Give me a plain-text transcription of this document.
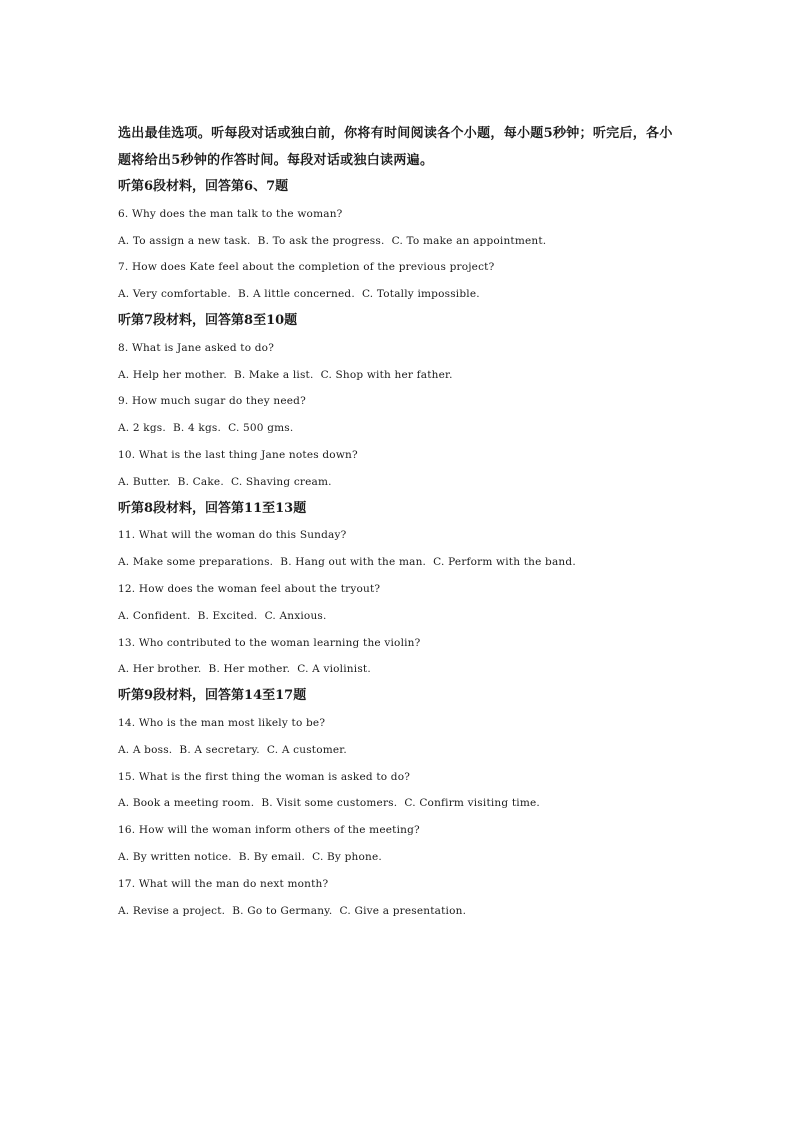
选出最佳选项。听每段对话或独白前，你将有时间阅读各个小题，每小题5秒钟；听完后，各小题将给出5秒钟的作答时间。每段对话或独白读两遍。

听第6段材料，回答第6、7题

6. Why does the man talk to the woman?

A. To assign a new task. B. To ask the progress. C. To make an appointment.

7. How does Kate feel about the completion of the previous project?

A. Very comfortable. B. A little concerned. C. Totally impossible.

听第7段材料，回答第8至10题

8. What is Jane asked to do?

A. Help her mother. B. Make a list. C. Shop with her father.

9. How much sugar do they need?

A. 2 kgs. B. 4 kgs. C. 500 gms.

10. What is the last thing Jane notes down?

A. Butter. B. Cake. C. Shaving cream.

听第8段材料，回答第11至13题

11. What will the woman do this Sunday?

A. Make some preparations. B. Hang out with the man. C. Perform with the band.

12. How does the woman feel about the tryout?

A. Confident. B. Excited. C. Anxious.

13. Who contributed to the woman learning the violin?

A. Her brother. B. Her mother. C. A violinist.

听第9段材料，回答第14至17题

14. Who is the man most likely to be?

A. A boss. B. A secretary. C. A customer.

15. What is the first thing the woman is asked to do?

A. Book a meeting room. B. Visit some customers. C. Confirm visiting time.

16. How will the woman inform others of the meeting?

A. By written notice. B. By email. C. By phone.

17. What will the man do next month?

A. Revise a project. B. Go to Germany. C. Give a presentation.
